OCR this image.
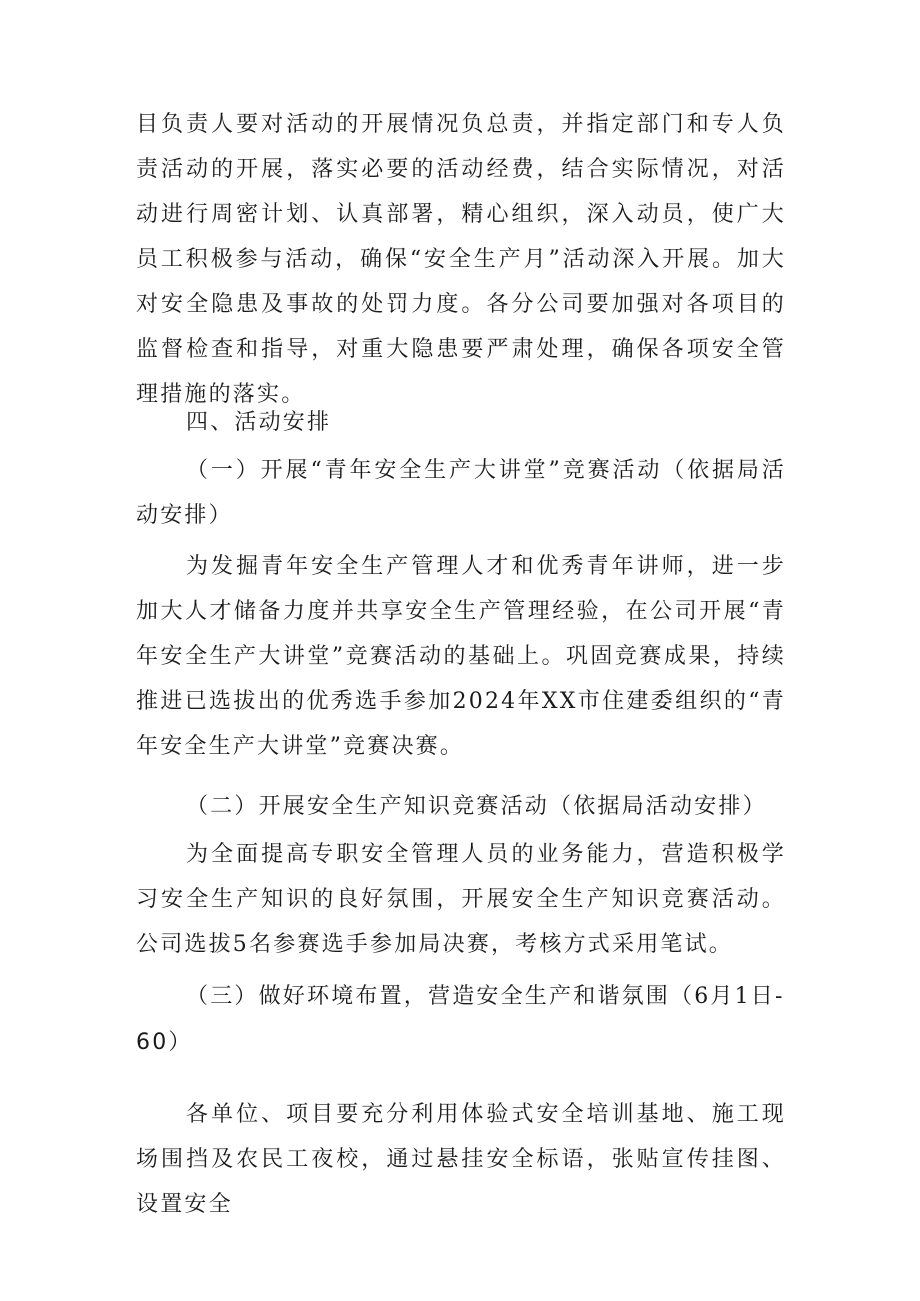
目负责人要对活动的开展情况负总责，并指定部门和专人负责活动的开展，落实必要的活动经费，结合实际情况，对活动进行周密计划、认真部署，精心组织，深入动员，使广大员工积极参与活动，确保“安全生产月”活动深入开展。加大对安全隐患及事故的处罚力度。各分公司要加强对各项目的监督检查和指导，对重大隐患要严肃处理，确保各项安全管理措施的落实。

四、活动安排

（一）开展“青年安全生产大讲堂”竞赛活动（依据局活动安排）

为发掘青年安全生产管理人才和优秀青年讲师，进一步加大人才储备力度并共享安全生产管理经验，在公司开展“青年安全生产大讲堂”竞赛活动的基础上。巩固竞赛成果，持续推进已选拔出的优秀选手参加2024年XX市住建委组织的“青年安全生产大讲堂”竞赛决赛。

（二）开展安全生产知识竞赛活动（依据局活动安排）

为全面提高专职安全管理人员的业务能力，营造积极学习安全生产知识的良好氛围，开展安全生产知识竞赛活动。公司选拔5名参赛选手参加局决赛，考核方式采用笔试。

（三）做好环境布置，营造安全生产和谐氛围（6月1日-

60）

各单位、项目要充分利用体验式安全培训基地、施工现场围挡及农民工夜校，通过悬挂安全标语，张贴宣传挂图、设置安全
